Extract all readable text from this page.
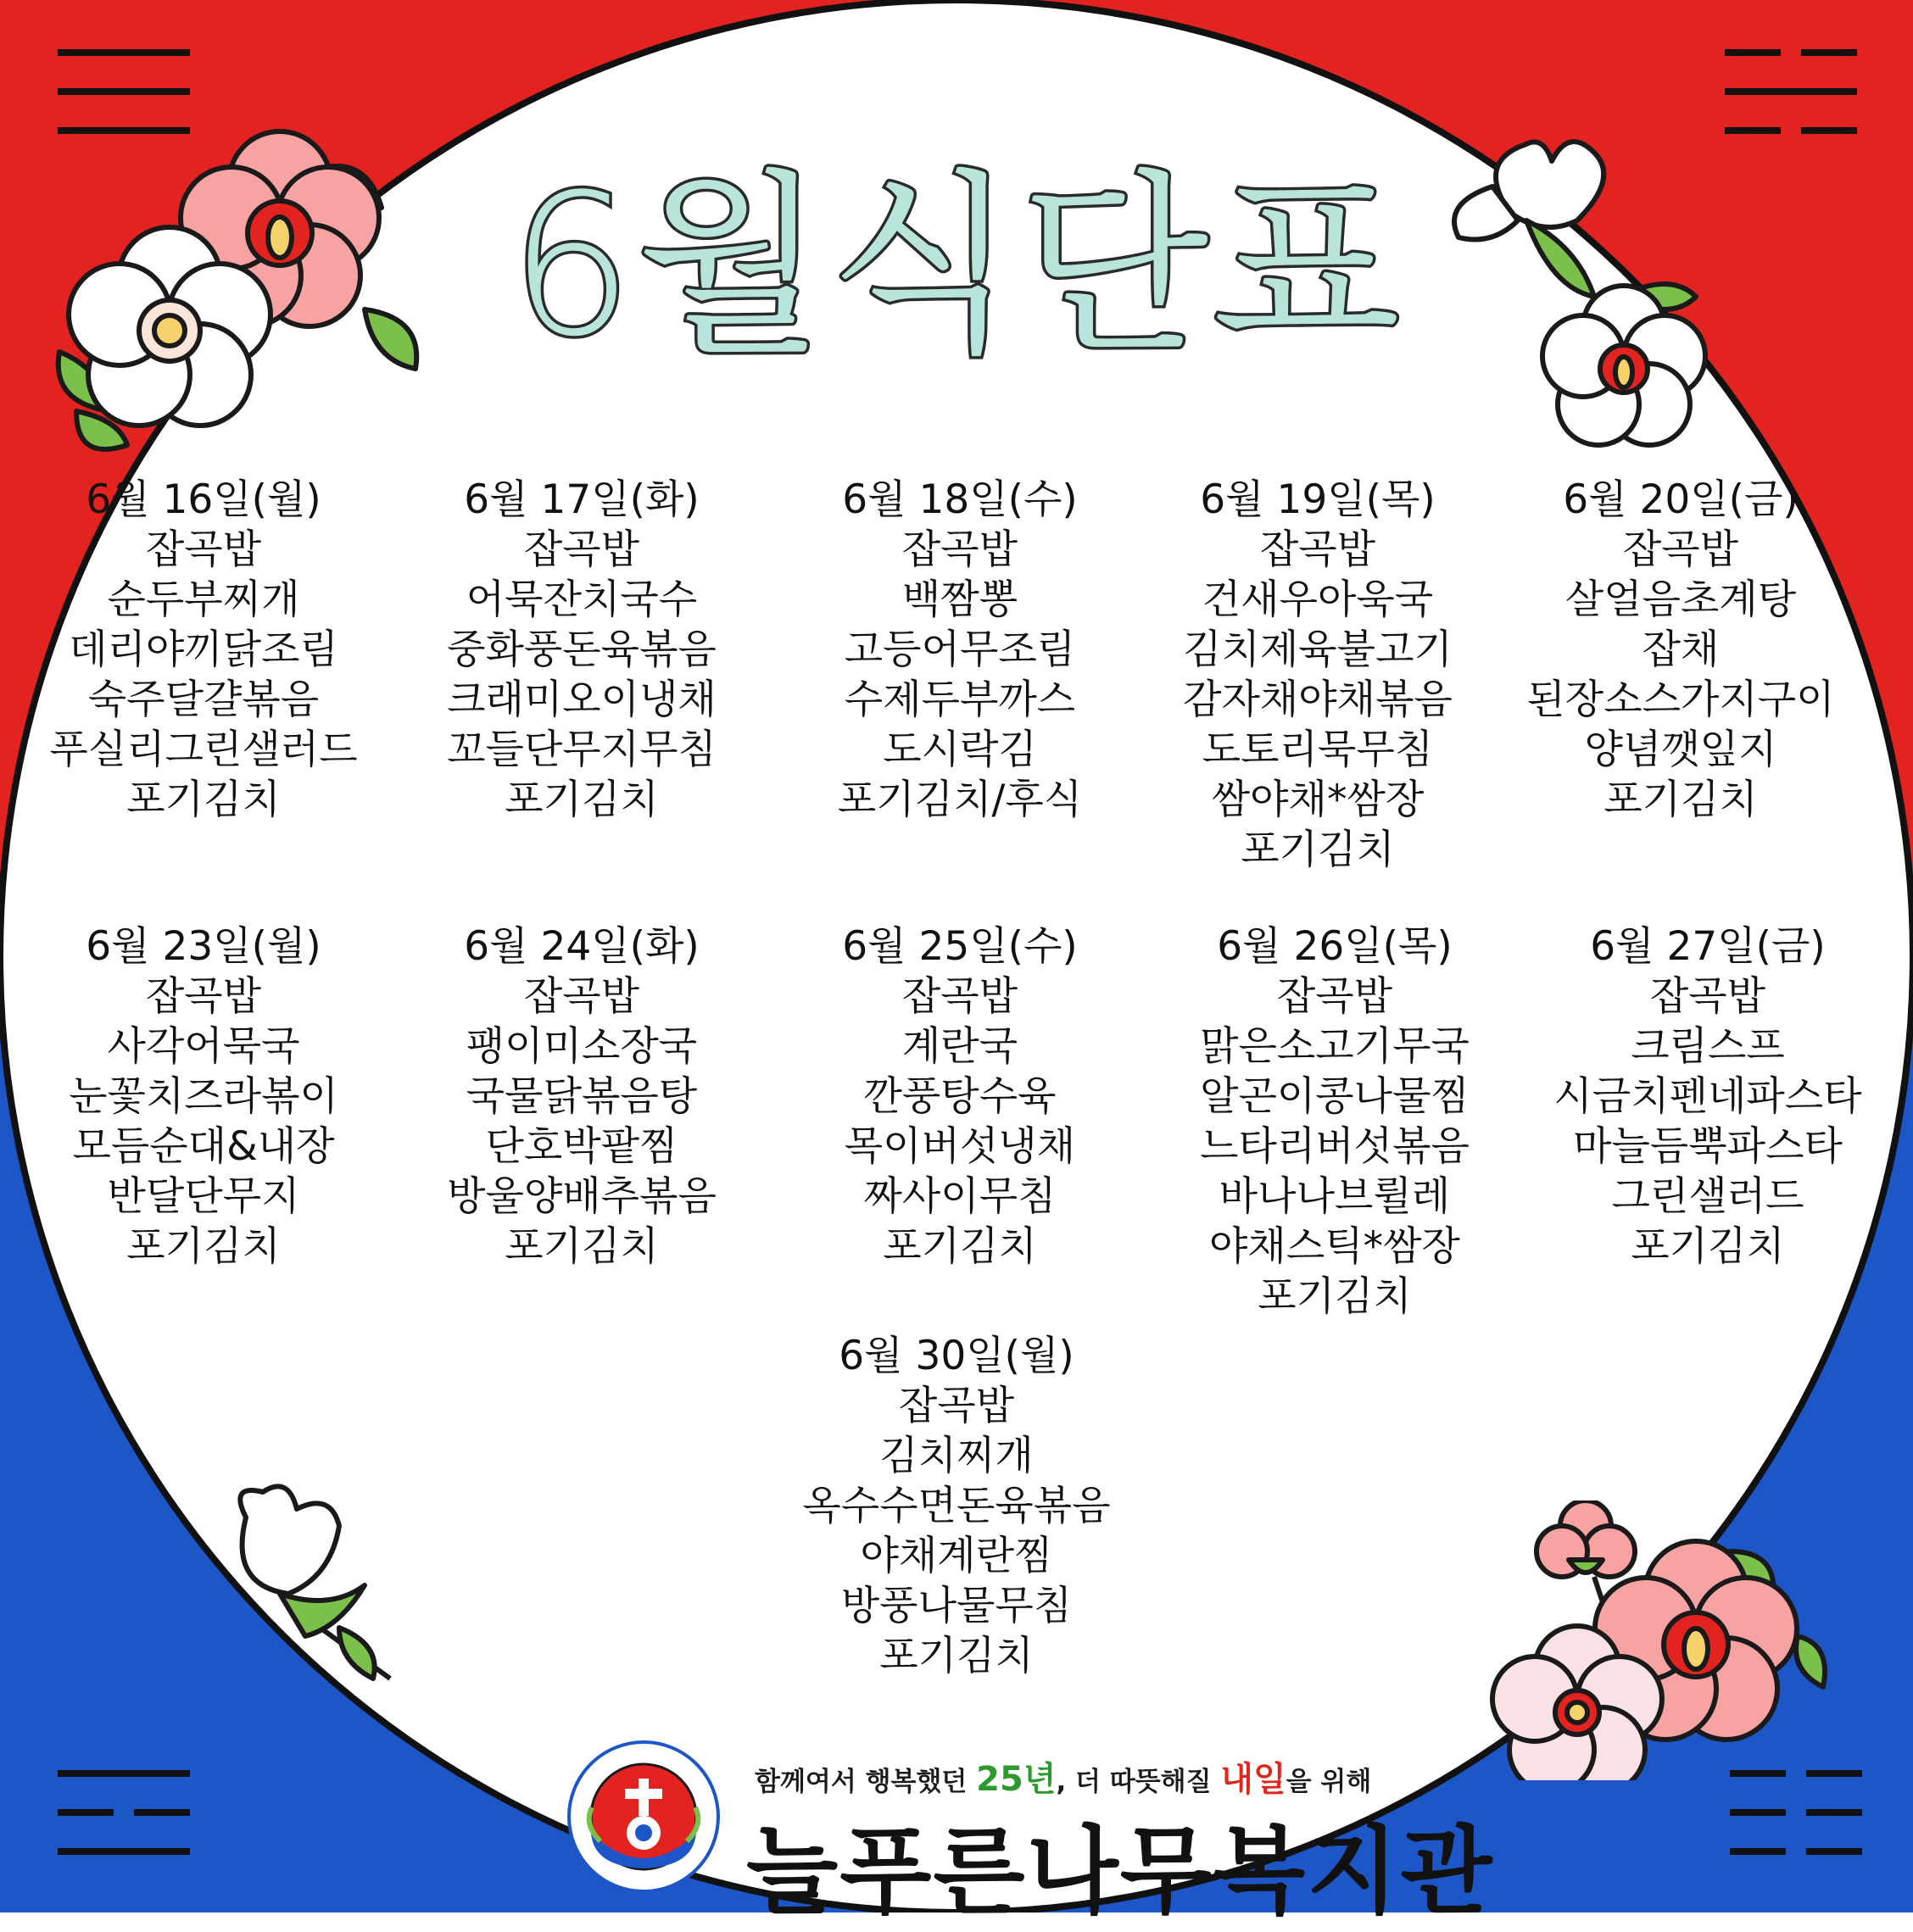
6월식단표
6월 16일(월)
잡곡밥
순두부찌개
데리야끼닭조림
숙주달걀볶음
푸실리그린샐러드
포기김치
6월 17일(화)
잡곡밥
어묵잔치국수
중화풍돈육볶음
크래미오이냉채
꼬들단무지무침
포기김치
6월 18일(수)
잡곡밥
백짬뽕
고등어무조림
수제두부까스
도시락김
포기김치/후식
6월 19일(목)
잡곡밥
건새우아욱국
김치제육불고기
감자채야채볶음
도토리묵무침
쌈야채*쌈장
포기김치
6월 20일(금)
잡곡밥
살얼음초계탕
잡채
된장소스가지구이
양념깻잎지
포기김치
6월 23일(월)
잡곡밥
사각어묵국
눈꽃치즈라볶이
모듬순대&내장
반달단무지
포기김치
6월 24일(화)
잡곡밥
팽이미소장국
국물닭볶음탕
단호박팥찜
방울양배추볶음
포기김치
6월 25일(수)
잡곡밥
계란국
깐풍탕수육
목이버섯냉채
짜사이무침
포기김치
6월 26일(목)
잡곡밥
맑은소고기무국
알곤이콩나물찜
느타리버섯볶음
바나나브륄레
야채스틱*쌈장
포기김치
6월 27일(금)
잡곡밥
크림스프
시금치펜네파스타
마늘듬뿍파스타
그린샐러드
포기김치
6월 30일(월)
잡곡밥
김치찌개
옥수수면돈육볶음
야채계란찜
방풍나물무침
포기김치
함께여서 행복했던 25년, 더 따뜻해질 내일을 위해
늘푸른나무복지관
